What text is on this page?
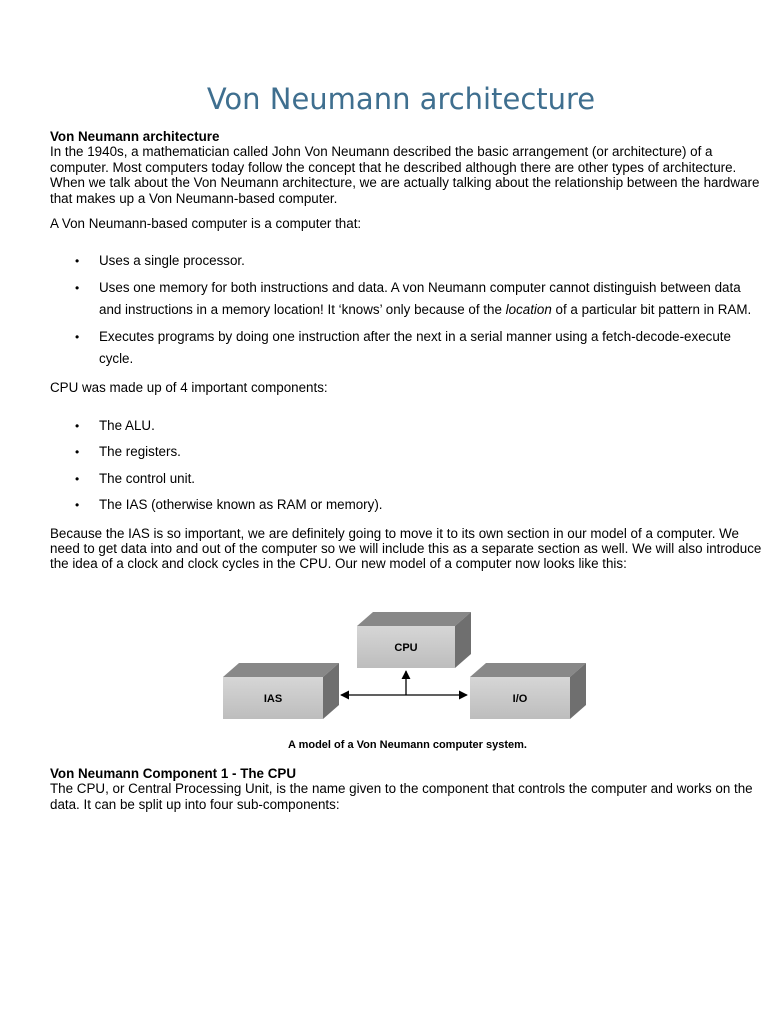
Von Neumann architecture

Von Neumann architecture

In the 1940s, a mathematician called John Von Neumann described the basic arrangement (or architecture) of a computer. Most computers today follow the concept that he described although there are other types of architecture. When we talk about the Von Neumann architecture, we are actually talking about the relationship between the hardware that makes up a Von Neumann-based computer.

A Von Neumann-based computer is a computer that:

• Uses a single processor.
• Uses one memory for both instructions and data. A von Neumann computer cannot distinguish between data and instructions in a memory location! It ‘knows’ only because of the location of a particular bit pattern in RAM.
• Executes programs by doing one instruction after the next in a serial manner using a fetch-decode-execute cycle.

CPU was made up of 4 important components:

• The ALU.
• The registers.
• The control unit.
• The IAS (otherwise known as RAM or memory).

Because the IAS is so important, we are definitely going to move it to its own section in our model of a computer. We need to get data into and out of the computer so we will include this as a separate section as well. We will also introduce the idea of a clock and clock cycles in the CPU. Our new model of a computer now looks like this:

CPU
IAS	I/O
A model of a Von Neumann computer system.

Von Neumann Component 1 - The CPU

The CPU, or Central Processing Unit, is the name given to the component that controls the computer and works on the data. It can be split up into four sub-components:
